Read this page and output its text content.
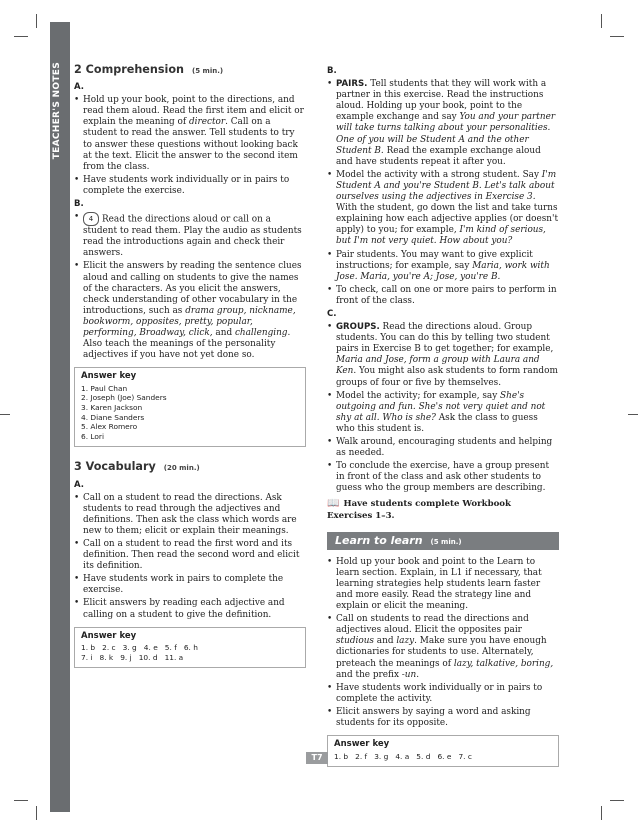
TEACHER'S NOTES	2 Comprehension (5 min.)
A.
• Hold up your book, point to the directions, and read them aloud. Read the first item and elicit or explain the meaning of director. Call on a student to read the answer. Tell students to try to answer these questions without looking back at the text. Elicit the answer to the second item from the class.
• Have students work individually or in pairs to complete the exercise.
B.
• 4 Read the directions aloud or call on a student to read them. Play the audio as students read the introductions again and check their answers.
• Elicit the answers by reading the sentence clues aloud and calling on students to give the names of the characters. As you elicit the answers, check understanding of other vocabulary in the introductions, such as drama group, nickname, bookworm, opposites, pretty, popular, performing, Broadway, click, and challenging. Also teach the meanings of the personality adjectives if you have not yet done so.
Answer key
1. Paul Chan
2. Joseph (Joe) Sanders
3. Karen Jackson
4. Diane Sanders
5. Alex Romero
6. Lori
3 Vocabulary (20 min.)
A.
• Call on a student to read the directions. Ask students to read through the adjectives and definitions. Then ask the class which words are new to them; elicit or explain their meanings.
• Call on a student to read the first word and its definition. Then read the second word and elicit its definition.
• Have students work in pairs to complete the exercise.
• Elicit answers by reading each adjective and calling on a student to give the definition.
Answer key
1. b   2. c   3. g   4. e   5. f   6. h
7. i   8. k   9. j   10. d   11. a
B.
• PAIRS. Tell students that they will work with a partner in this exercise. Read the instructions aloud. Holding up your book, point to the example exchange and say You and your partner will take turns talking about your personalities. One of you will be Student A and the other Student B. Read the example exchange aloud and have students repeat it after you.
• Model the activity with a strong student. Say I'm Student A and you're Student B. Let's talk about ourselves using the adjectives in Exercise 3. With the student, go down the list and take turns explaining how each adjective applies (or doesn't apply) to you; for example, I'm kind of serious, but I'm not very quiet. How about you?
• Pair students. You may want to give explicit instructions; for example, say Maria, work with Jose. Maria, you're A; Jose, you're B.
• To check, call on one or more pairs to perform in front of the class.
C.
• GROUPS. Read the directions aloud. Group students. You can do this by telling two student pairs in Exercise B to get together; for example, Maria and Jose, form a group with Laura and Ken. You might also ask students to form random groups of four or five by themselves.
• Model the activity; for example, say She's outgoing and fun. She's not very quiet and not shy at all. Who is she? Ask the class to guess who this student is.
• Walk around, encouraging students and helping as needed.
• To conclude the exercise, have a group present in front of the class and ask other students to guess who the group members are describing.
📖 Have students complete Workbook Exercises 1–3.
Learn to learn (5 min.)
• Hold up your book and point to the Learn to learn section. Explain, in L1 if necessary, that learning strategies help students learn faster and more easily. Read the strategy line and explain or elicit the meaning.
• Call on students to read the directions and adjectives aloud. Elicit the opposites pair studious and lazy. Make sure you have enough dictionaries for students to use. Alternately, preteach the meanings of lazy, talkative, boring, and the prefix -un.
• Have students work individually or in pairs to complete the activity.
• Elicit answers by saying a word and asking students for its opposite.
Answer key
1. b   2. f   3. g   4. a   5. d   6. e   7. c
T7
